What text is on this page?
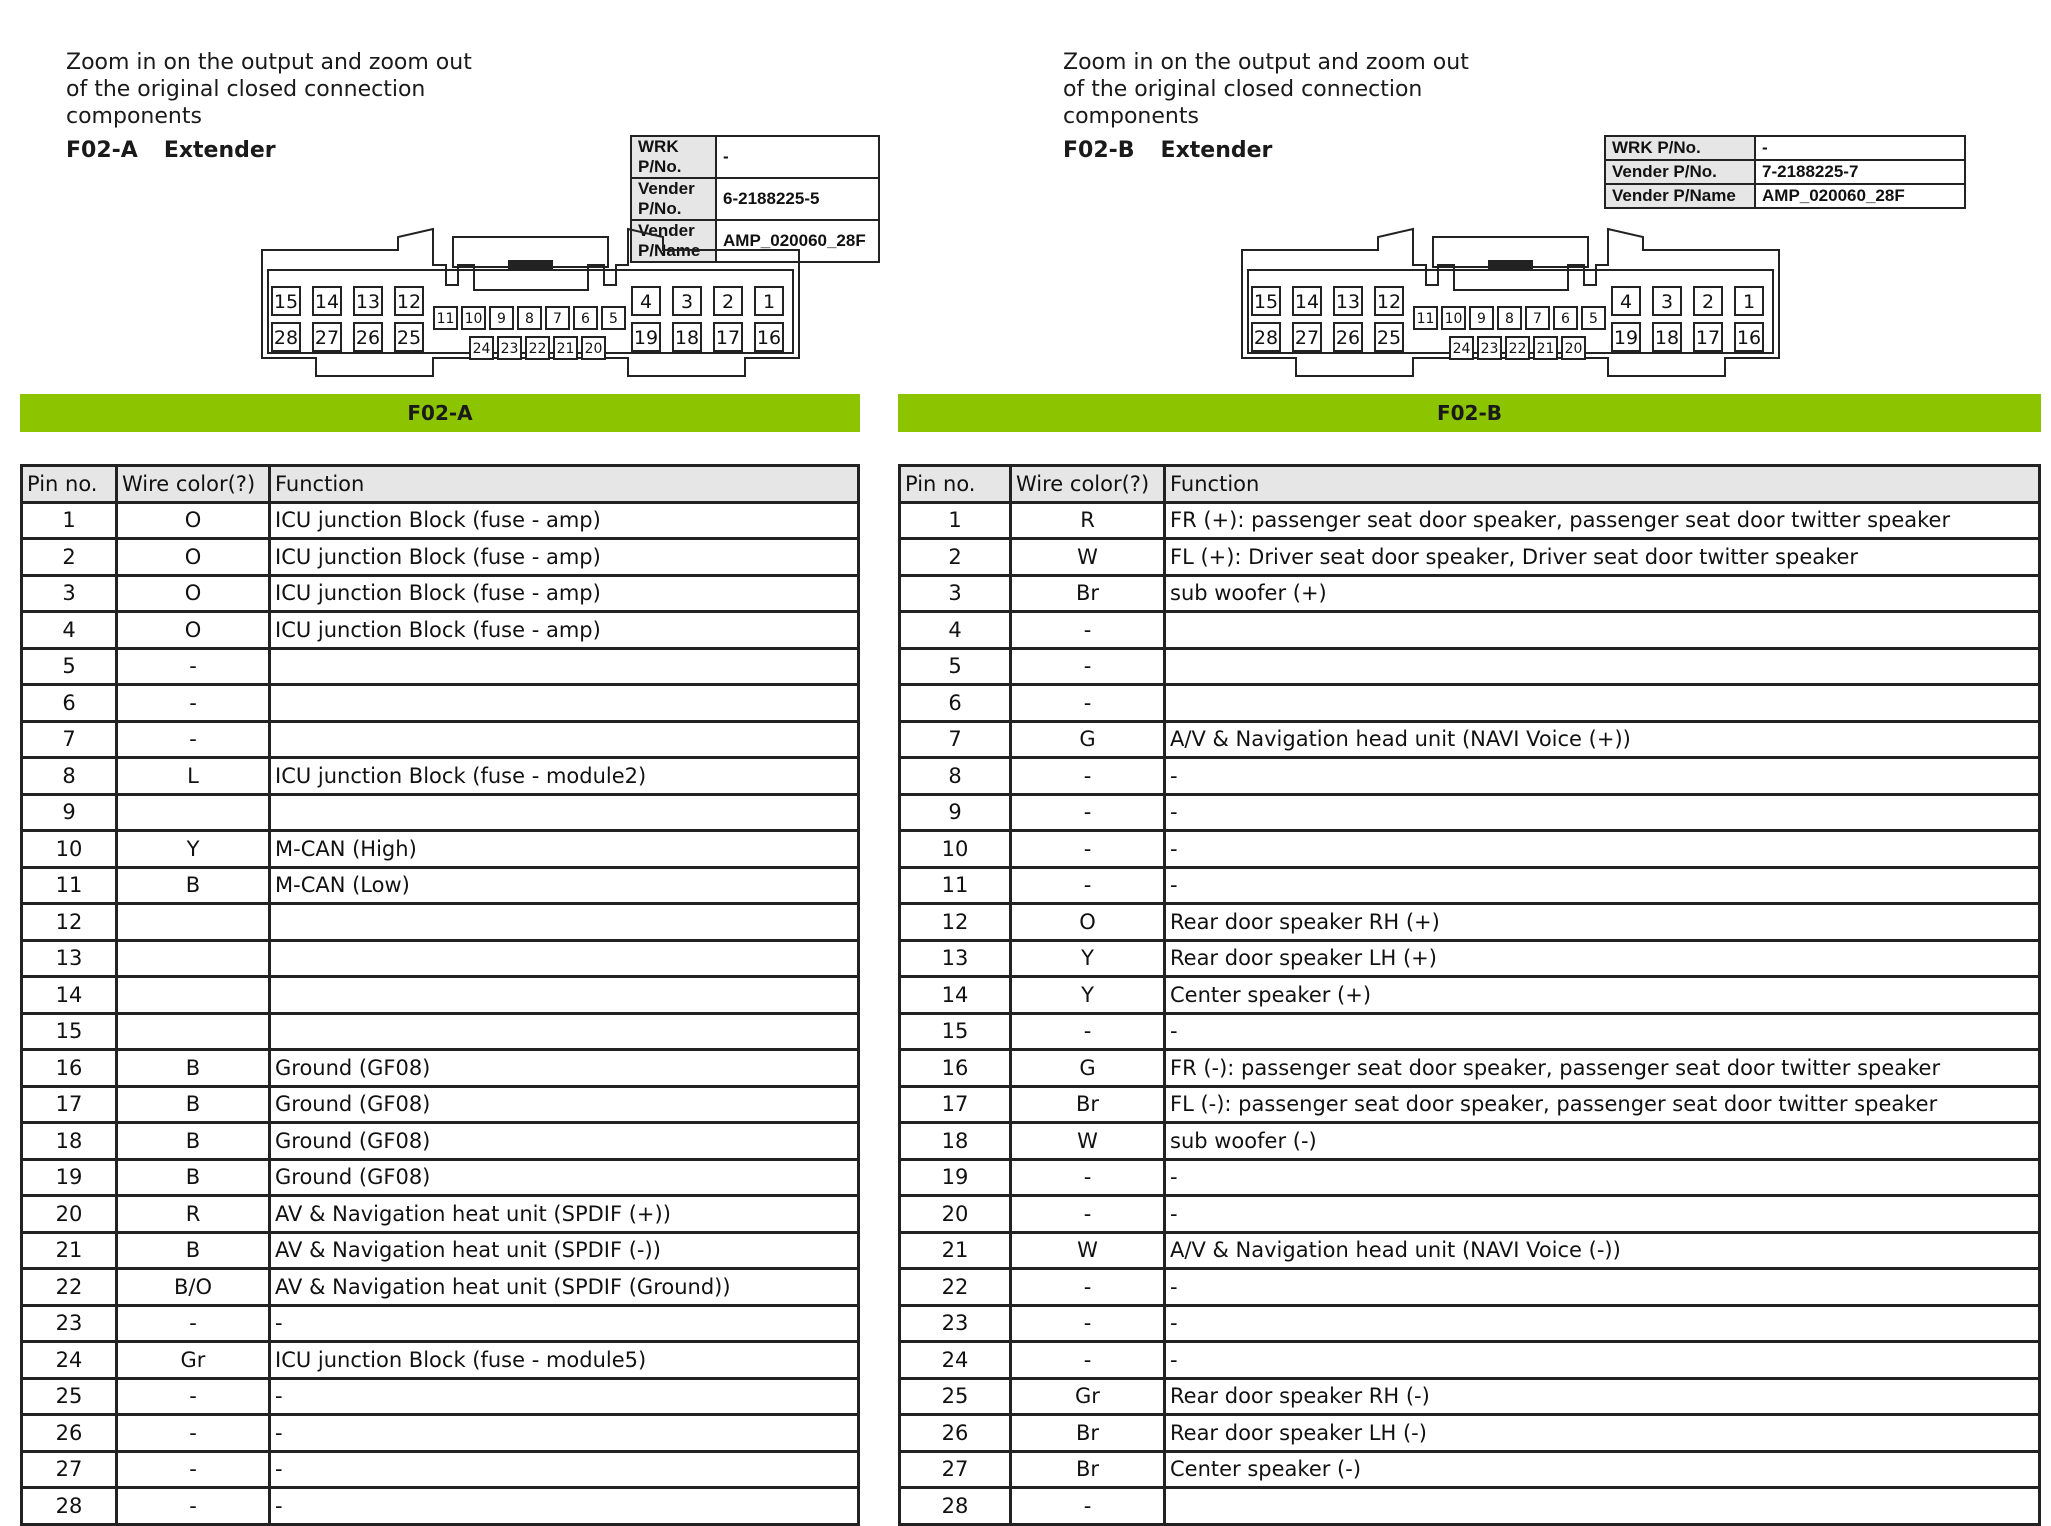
Zoom in on the output and zoom out of the original closed connection components
F02-A Extender	WRK P/No.	-
Vender P/No.	6-2188225-5
Vender P/Name	AMP_020060_28F
15 14 13 12
28 27 26 25
11 10 9 8 7 6 5
24 23 22 21 20
4 3 2 1
19 18 17 16
F02-A
Pin no.	Wire color(?)	Function
1	O	ICU junction Block (fuse - amp)
2	O	ICU junction Block (fuse - amp)
3	O	ICU junction Block (fuse - amp)
4	O	ICU junction Block (fuse - amp)
5	-	
6	-	
7	-	
8	L	ICU junction Block (fuse - module2)
9		
10	Y	M-CAN (High)
11	B	M-CAN (Low)
12		
13		
14		
15		
16	B	Ground (GF08)
17	B	Ground (GF08)
18	B	Ground (GF08)
19	B	Ground (GF08)
20	R	AV & Navigation heat unit (SPDIF (+))
21	B	AV & Navigation heat unit (SPDIF (-))
22	B/O	AV & Navigation heat unit (SPDIF (Ground))
23	-	-
24	Gr	ICU junction Block (fuse - module5)
25	-	-
26	-	-
27	-	-
28	-	-
Zoom in on the output and zoom out of the original closed connection components
F02-B Extender	WRK P/No.	-
Vender P/No.	7-2188225-7
Vender P/Name	AMP_020060_28F
15 14 13 12
28 27 26 25
11 10 9 8 7 6 5
24 23 22 21 20
4 3 2 1
19 18 17 16
F02-B
Pin no.	Wire color(?)	Function
1	R	FR (+): passenger seat door speaker, passenger seat door twitter speaker
2	W	FL (+): Driver seat door speaker, Driver seat door twitter speaker
3	Br	sub woofer (+)
4	-	
5	-	
6	-	
7	G	A/V & Navigation head unit (NAVI Voice (+))
8	-	-
9	-	-
10	-	-
11	-	-
12	O	Rear door speaker RH (+)
13	Y	Rear door speaker LH (+)
14	Y	Center speaker (+)
15	-	-
16	G	FR (-): passenger seat door speaker, passenger seat door twitter speaker
17	Br	FL (-): passenger seat door speaker, passenger seat door twitter speaker
18	W	sub woofer (-)
19	-	-
20	-	-
21	W	A/V & Navigation head unit (NAVI Voice (-))
22	-	-
23	-	-
24	-	-
25	Gr	Rear door speaker RH (-)
26	Br	Rear door speaker LH (-)
27	Br	Center speaker (-)
28	-	
